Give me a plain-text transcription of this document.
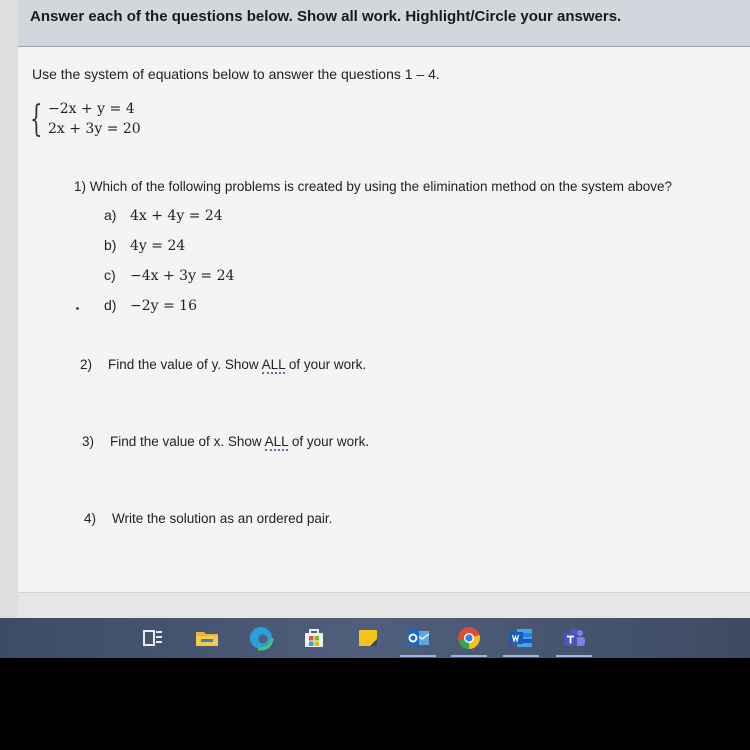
Answer each of the questions below. Show all work. Highlight/Circle your answers.
Use the system of equations below to answer the questions 1 – 4.
{ −2x + y = 4
2x + 3y = 20
1) Which of the following problems is created by using the elimination method on the system above?
a) 4x + 4y = 24
b) 4y = 24
c) −4x + 3y = 24
d) −2y = 16
2) Find the value of y. Show ALL of your work.
3) Find the value of x. Show ALL of your work.
4) Write the solution as an ordered pair.
